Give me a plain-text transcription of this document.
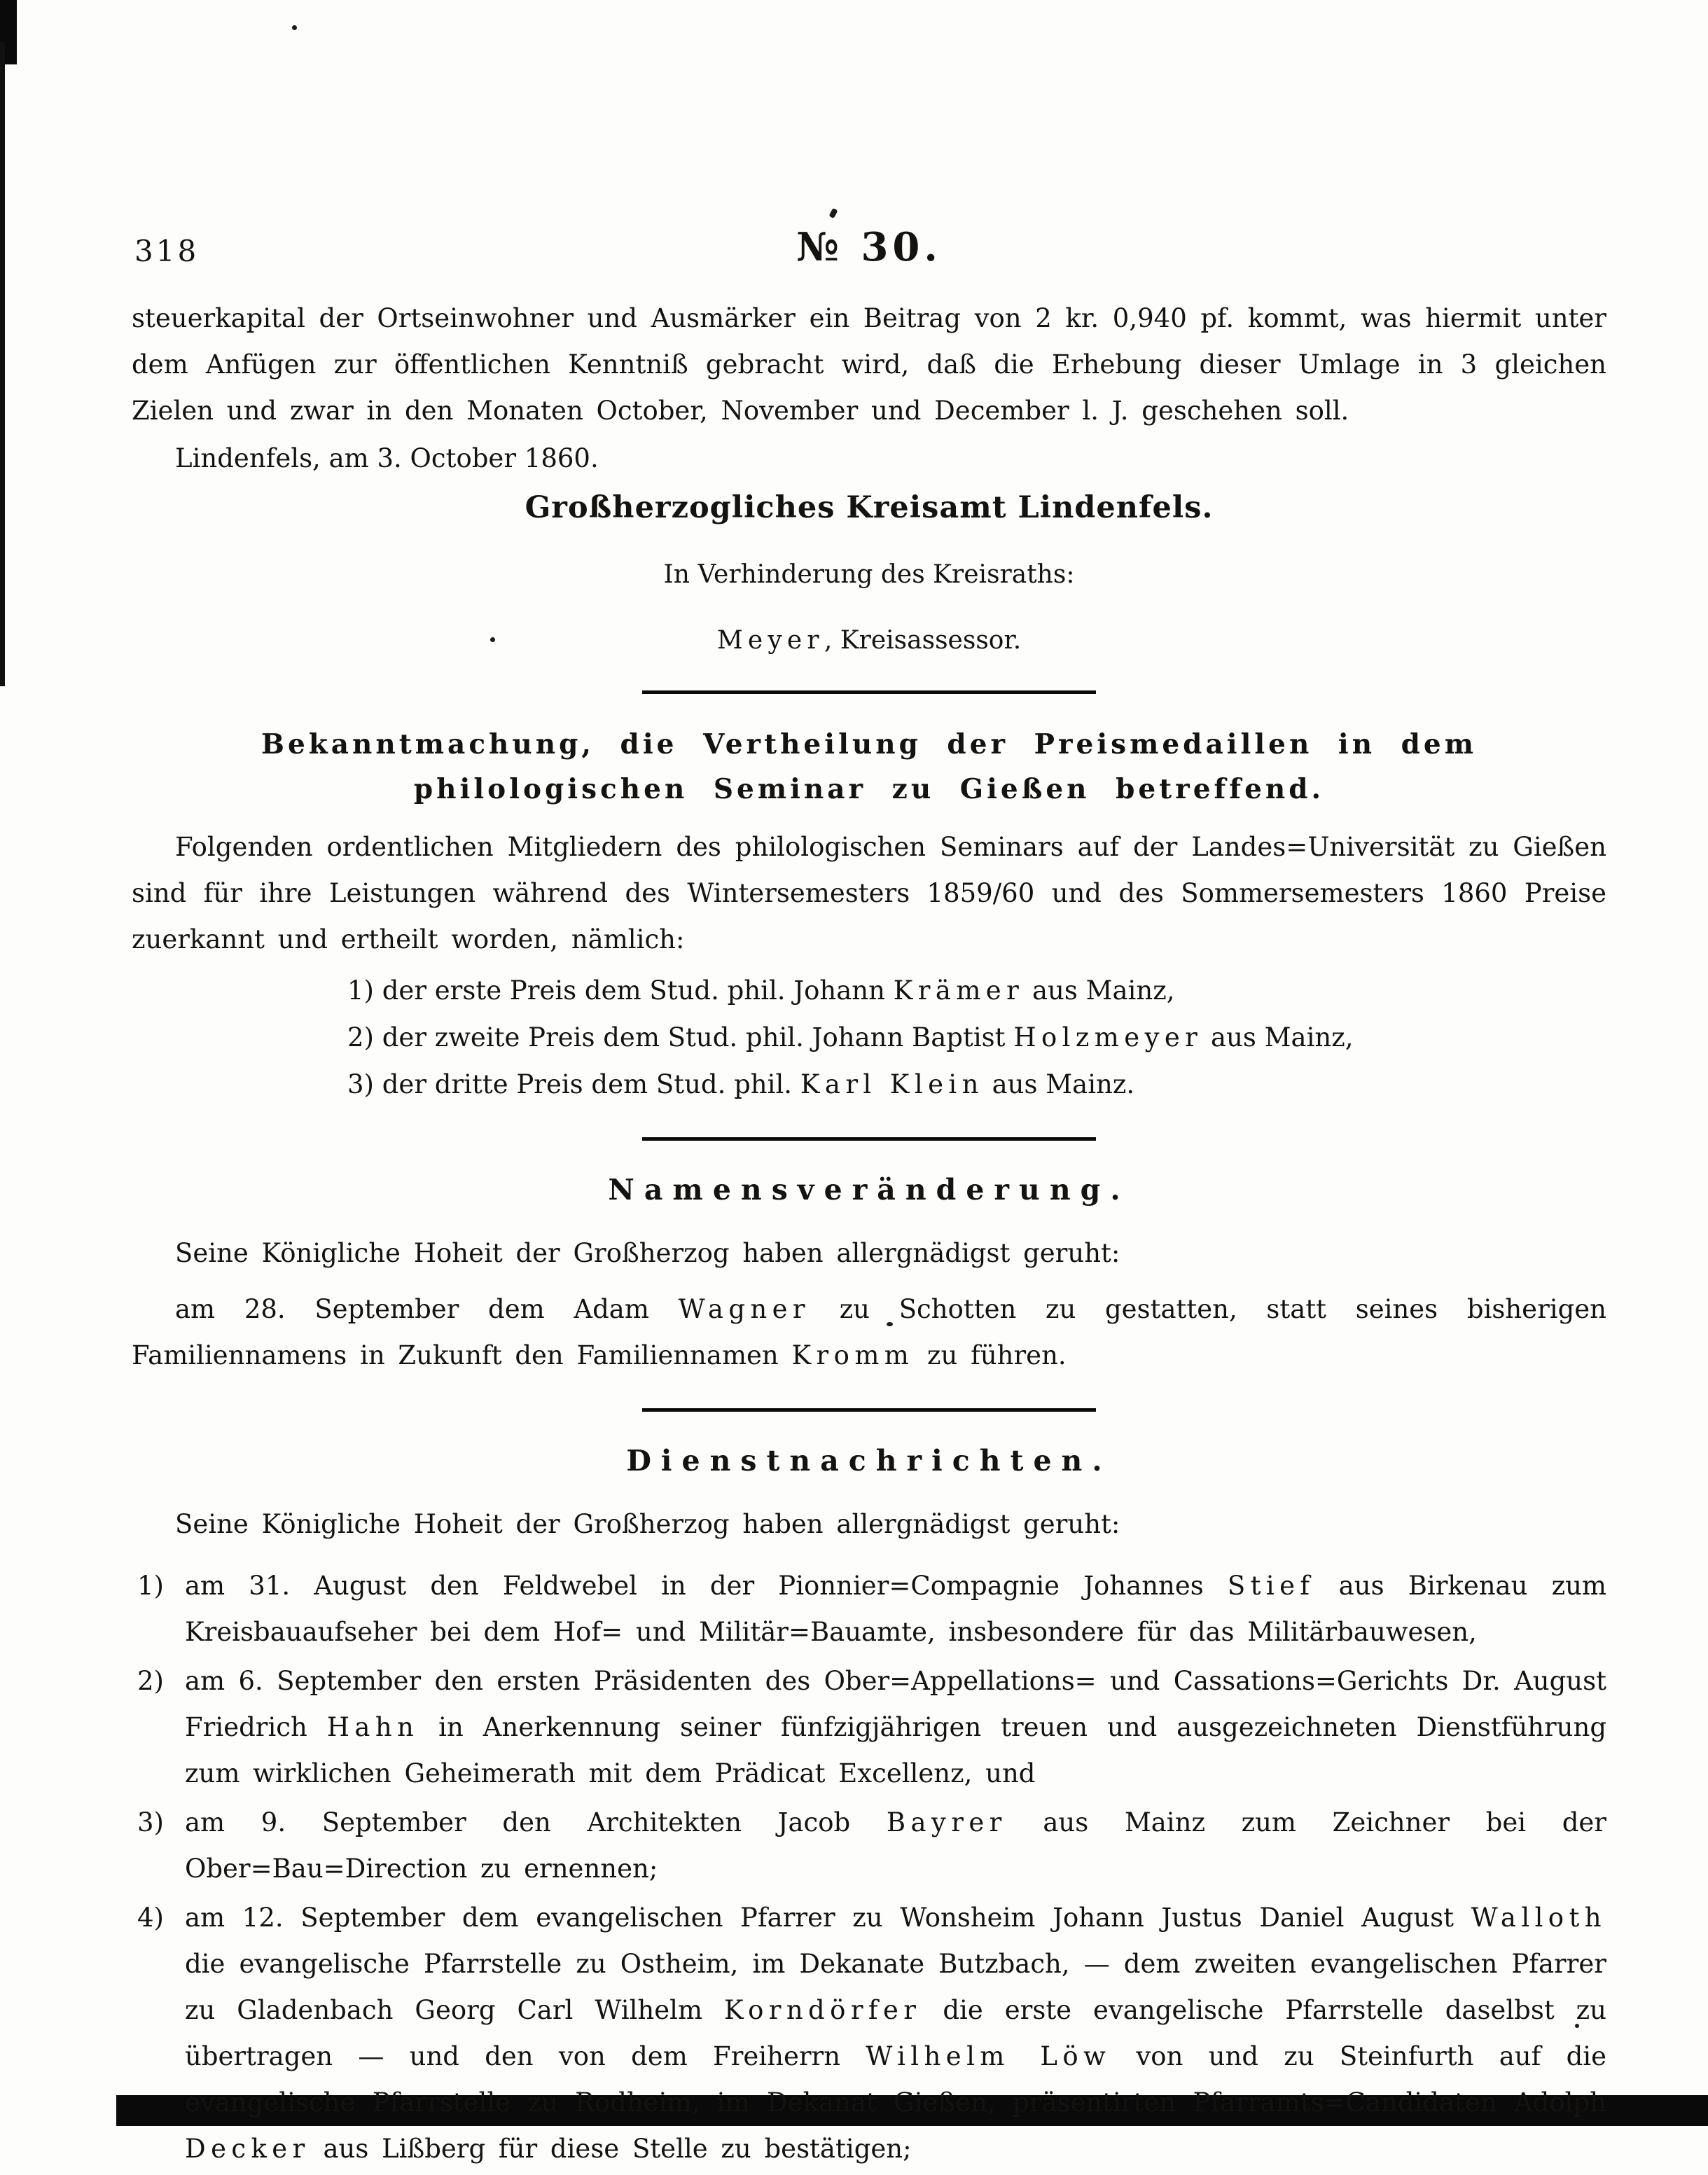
318	№ 30.

steuerkapital der Ortseinwohner und Ausmärker ein Beitrag von 2 kr. 0,940 pf. kommt, was hiermit unter dem Anfügen zur öffentlichen Kenntniß gebracht wird, daß die Erhebung dieser Umlage in 3 gleichen Zielen und zwar in den Monaten October, November und December l. J. geschehen soll.

Lindenfels, am 3. October 1860.

Großherzogliches Kreisamt Lindenfels.

In Verhinderung des Kreisraths:

Meyer, Kreisassessor.

Bekanntmachung, die Vertheilung der Preismedaillen in dem philologischen Seminar zu Gießen betreffend.

Folgenden ordentlichen Mitgliedern des philologischen Seminars auf der Landes=Universität zu Gießen sind für ihre Leistungen während des Wintersemesters 1859/60 und des Sommersemesters 1860 Preise zuerkannt und ertheilt worden, nämlich:

1) der erste Preis dem Stud. phil. Johann Krämer aus Mainz,
2) der zweite Preis dem Stud. phil. Johann Baptist Holzmeyer aus Mainz,
3) der dritte Preis dem Stud. phil. Karl Klein aus Mainz.
Namensveränderung.

Seine Königliche Hoheit der Großherzog haben allergnädigst geruht:

am 28. September dem Adam Wagner zu Schotten zu gestatten, statt seines bisherigen Familiennamens in Zukunft den Familiennamen Kromm zu führen.

Dienstnachrichten.

Seine Königliche Hoheit der Großherzog haben allergnädigst geruht:

1) am 31. August den Feldwebel in der Pionnier=Compagnie Johannes Stief aus Birkenau zum Kreisbauaufseher bei dem Hof= und Militär=Bauamte, insbesondere für das Militärbauwesen,
2) am 6. September den ersten Präsidenten des Ober=Appellations= und Cassations=Gerichts Dr. August Friedrich Hahn in Anerkennung seiner fünfzigjährigen treuen und ausgezeichneten Dienstführung zum wirklichen Geheimerath mit dem Prädicat Excellenz, und
3) am 9. September den Architekten Jacob Bayrer aus Mainz zum Zeichner bei der Ober=Bau=Direction zu ernennen;
4) am 12. September dem evangelischen Pfarrer zu Wonsheim Johann Justus Daniel August Walloth die evangelische Pfarrstelle zu Ostheim, im Dekanate Butzbach, — dem zweiten evangelischen Pfarrer zu Gladenbach Georg Carl Wilhelm Korndörfer die erste evangelische Pfarrstelle daselbst zu übertragen — und den von dem Freiherrn Wilhelm Löw von und zu Steinfurth auf die evangelische Pfarrstelle zu Rodheim, im Dekanat Gießen, präsentirten Pfarramts=Candidaten Adolph Decker aus Lißberg für diese Stelle zu bestätigen;
